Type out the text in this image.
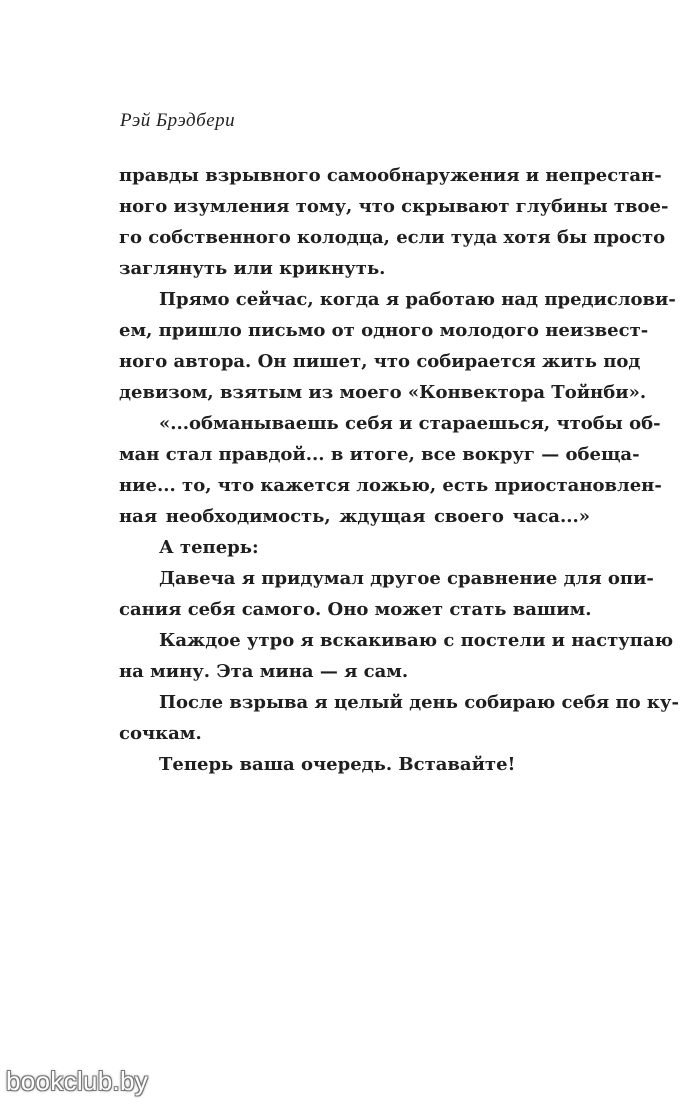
Рэй Брэдбери

правды взрывного самообнаружения и непрестан-
ного изумления тому, что скрывают глубины твое-
го собственного колодца, если туда хотя бы просто
заглянуть или крикнуть.
Прямо сейчас, когда я работаю над предислови-
ем, пришло письмо от одного молодого неизвест-
ного автора. Он пишет, что собирается жить под
девизом, взятым из моего «Конвектора Тойнби».
«...обманываешь себя и стараешься, чтобы об-
ман стал правдой... в итоге, все вокруг — обеща-
ние... то, что кажется ложью, есть приостановлен-
ная необходимость, ждущая своего часа...»
А теперь:
Давеча я придумал другое сравнение для опи-
сания себя самого. Оно может стать вашим.
Каждое утро я вскакиваю с постели и наступаю
на мину. Эта мина — я сам.
После взрыва я целый день собираю себя по ку-
сочкам.
Теперь ваша очередь. Вставайте!
bookclub.by
